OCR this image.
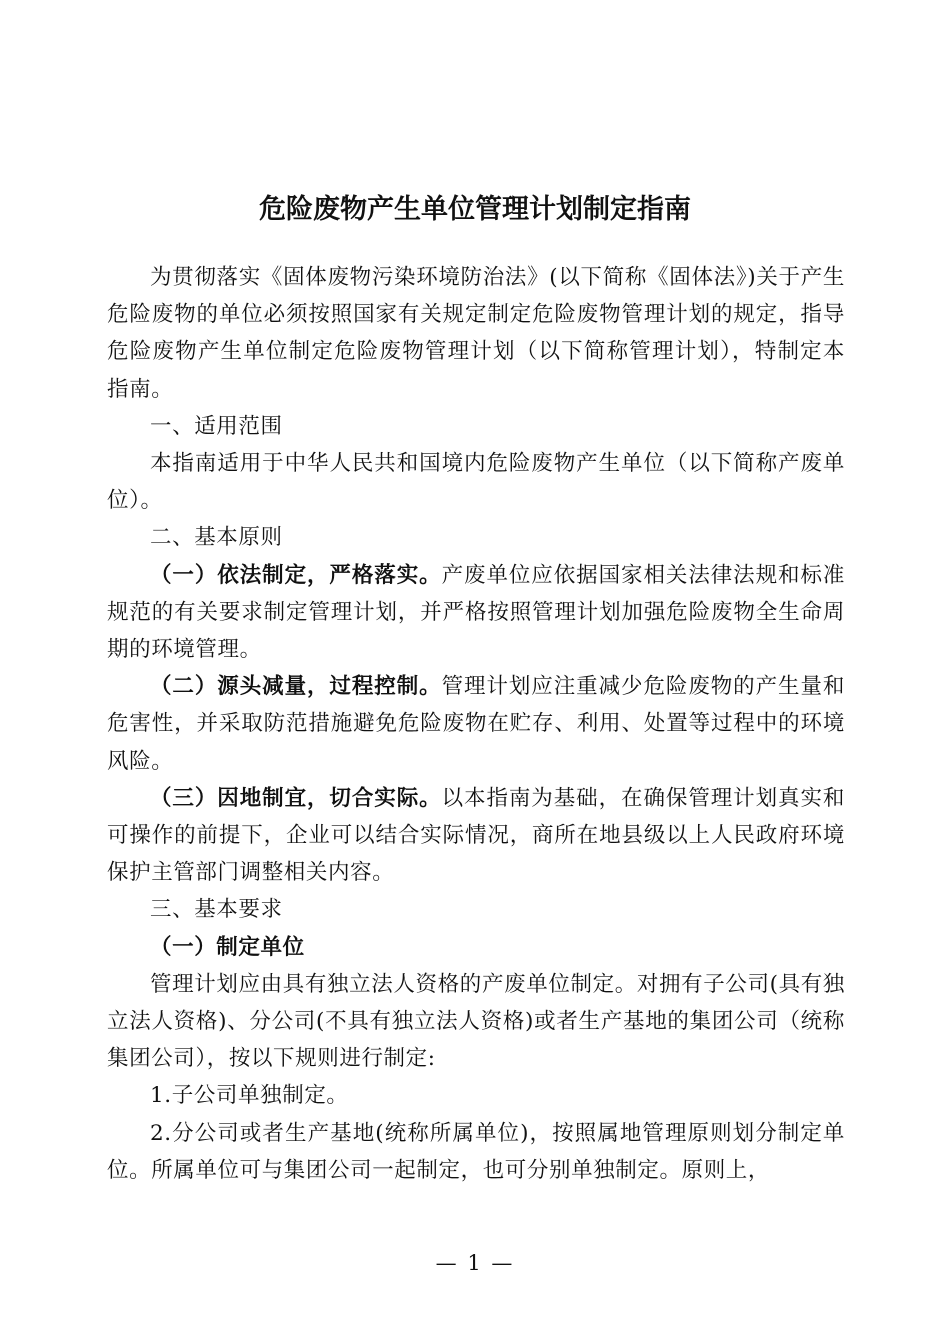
危险废物产生单位管理计划制定指南

为贯彻落实《固体废物污染环境防治法》(以下简称《固体法》)关于产生危险废物的单位必须按照国家有关规定制定危险废物管理计划的规定，指导危险废物产生单位制定危险废物管理计划（以下简称管理计划），特制定本指南。

一、适用范围

本指南适用于中华人民共和国境内危险废物产生单位（以下简称产废单位）。

二、基本原则

（一）依法制定，严格落实。产废单位应依据国家相关法律法规和标准规范的有关要求制定管理计划，并严格按照管理计划加强危险废物全生命周期的环境管理。

（二）源头减量，过程控制。管理计划应注重减少危险废物的产生量和危害性，并采取防范措施避免危险废物在贮存、利用、处置等过程中的环境风险。

（三）因地制宜，切合实际。以本指南为基础，在确保管理计划真实和可操作的前提下，企业可以结合实际情况，商所在地县级以上人民政府环境保护主管部门调整相关内容。

三、基本要求

（一）制定单位

管理计划应由具有独立法人资格的产废单位制定。对拥有子公司(具有独立法人资格)、分公司(不具有独立法人资格)或者生产基地的集团公司（统称集团公司），按以下规则进行制定:

1.子公司单独制定。

2.分公司或者生产基地(统称所属单位)，按照属地管理原则划分制定单位。所属单位可与集团公司一起制定，也可分别单独制定。原则上，

— 1 —
